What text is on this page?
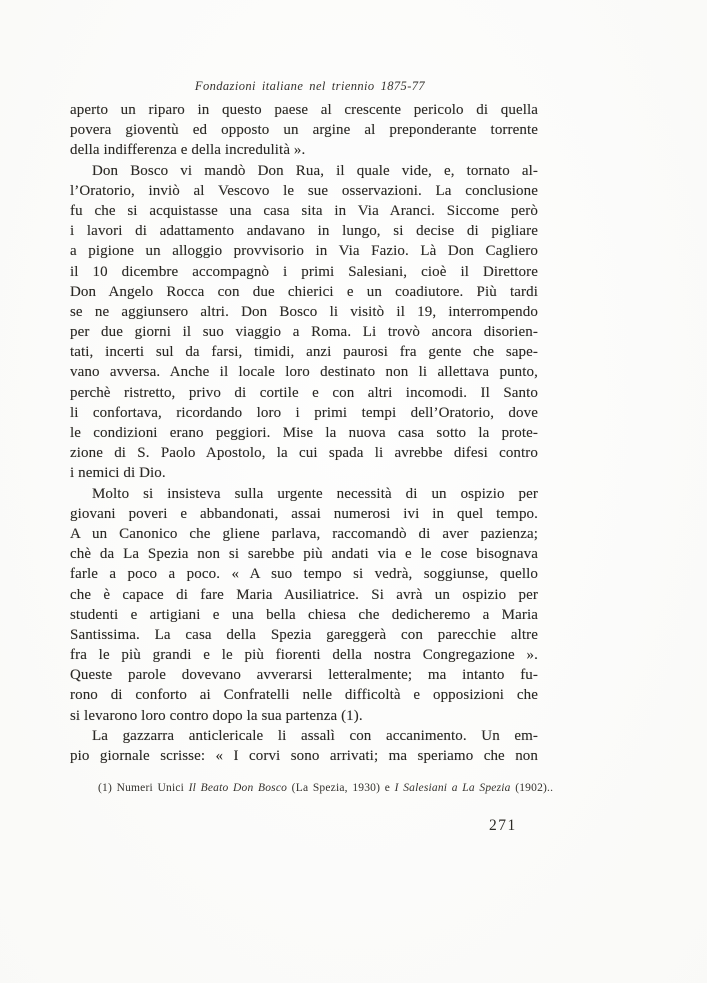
Fondazioni italiane nel triennio 1875-77
aperto un riparo in questo paese al crescente pericolo di quella
povera gioventù ed opposto un argine al preponderante torrente
della indifferenza e della incredulità ».
Don Bosco vi mandò Don Rua, il quale vide, e, tornato al-
l’Oratorio, inviò al Vescovo le sue osservazioni. La conclusione
fu che si acquistasse una casa sita in Via Aranci. Siccome però
i lavori di adattamento andavano in lungo, si decise di pigliare
a pigione un alloggio provvisorio in Via Fazio. Là Don Cagliero
il 10 dicembre accompagnò i primi Salesiani, cioè il Direttore
Don Angelo Rocca con due chierici e un coadiutore. Più tardi
se ne aggiunsero altri. Don Bosco li visitò il 19, interrompendo
per due giorni il suo viaggio a Roma. Li trovò ancora disorien-
tati, incerti sul da farsi, timidi, anzi paurosi fra gente che sape-
vano avversa. Anche il locale loro destinato non li allettava punto,
perchè ristretto, privo di cortile e con altri incomodi. Il Santo
li confortava, ricordando loro i primi tempi dell’Oratorio, dove
le condizioni erano peggiori. Mise la nuova casa sotto la prote-
zione di S. Paolo Apostolo, la cui spada li avrebbe difesi contro
i nemici di Dio.
Molto si insisteva sulla urgente necessità di un ospizio per
giovani poveri e abbandonati, assai numerosi ivi in quel tempo.
A un Canonico che gliene parlava, raccomandò di aver pazienza;
chè da La Spezia non si sarebbe più andati via e le cose bisognava
farle a poco a poco. « A suo tempo si vedrà, soggiunse, quello
che è capace di fare Maria Ausiliatrice. Si avrà un ospizio per
studenti e artigiani e una bella chiesa che dedicheremo a Maria
Santissima. La casa della Spezia gareggerà con parecchie altre
fra le più grandi e le più fiorenti della nostra Congregazione ».
Queste parole dovevano avverarsi letteralmente; ma intanto fu-
rono di conforto ai Confratelli nelle difficoltà e opposizioni che
si levarono loro contro dopo la sua partenza (1).
La gazzarra anticlericale li assalì con accanimento. Un em-
pio giornale scrisse: « I corvi sono arrivati; ma speriamo che non
(1) Numeri Unici Il Beato Don Bosco (La Spezia, 1930) e I Salesiani a La Spezia (1902)..
271
